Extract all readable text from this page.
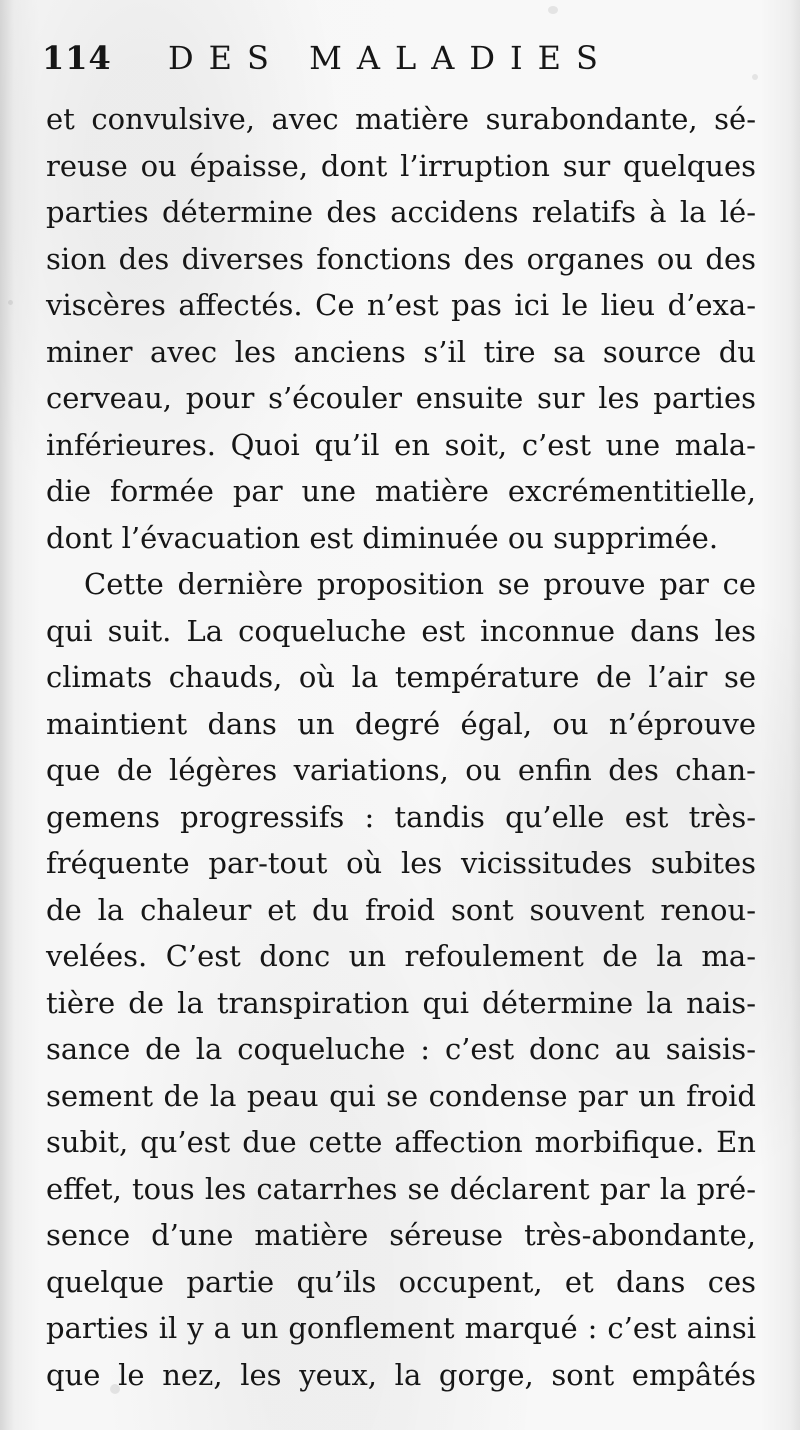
114 DES MALADIES
et convulsive, avec matière surabondante, sé-
reuse ou épaisse, dont l’irruption sur quelques
parties détermine des accidens relatifs à la lé-
sion des diverses fonctions des organes ou des
viscères affectés. Ce n’est pas ici le lieu d’exa-
miner avec les anciens s’il tire sa source du
cerveau, pour s’écouler ensuite sur les parties
inférieures. Quoi qu’il en soit, c’est une mala-
die formée par une matière excrémentitielle,
dont l’évacuation est diminuée ou supprimée.
Cette dernière proposition se prouve par ce
qui suit. La coqueluche est inconnue dans les
climats chauds, où la température de l’air se
maintient dans un degré égal, ou n’éprouve
que de légères variations, ou enfin des chan-
gemens progressifs : tandis qu’elle est très-
fréquente par-tout où les vicissitudes subites
de la chaleur et du froid sont souvent renou-
velées. C’est donc un refoulement de la ma-
tière de la transpiration qui détermine la nais-
sance de la coqueluche : c’est donc au saisis-
sement de la peau qui se condense par un froid
subit, qu’est due cette affection morbifique. En
effet, tous les catarrhes se déclarent par la pré-
sence d’une matière séreuse très-abondante,
quelque partie qu’ils occupent, et dans ces
parties il y a un gonflement marqué : c’est ainsi
que le nez, les yeux, la gorge, sont empâtés
